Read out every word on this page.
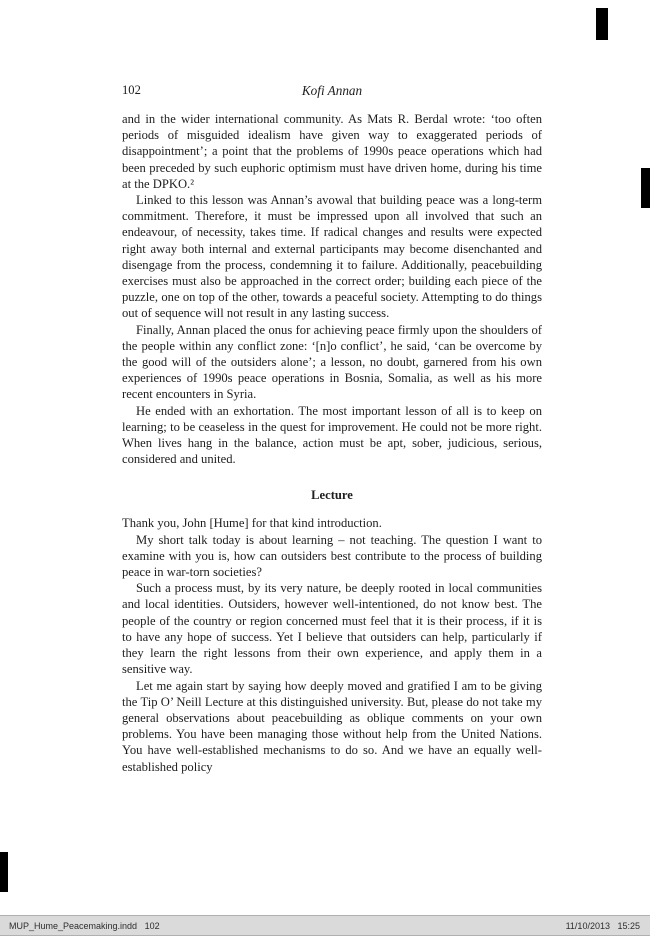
102	Kofi Annan

and in the wider international community. As Mats R. Berdal wrote: ‘too often periods of misguided idealism have given way to exaggerated periods of disappointment’; a point that the problems of 1990s peace operations which had been preceded by such euphoric optimism must have driven home, during his time at the DPKO.²

Linked to this lesson was Annan’s avowal that building peace was a long-term commitment. Therefore, it must be impressed upon all involved that such an endeavour, of necessity, takes time. If radical changes and results were expected right away both internal and external participants may become disenchanted and disengage from the process, condemning it to failure. Additionally, peacebuilding exercises must also be approached in the correct order; building each piece of the puzzle, one on top of the other, towards a peaceful society. Attempting to do things out of sequence will not result in any lasting success.

Finally, Annan placed the onus for achieving peace firmly upon the shoulders of the people within any conflict zone: ‘[n]o conflict’, he said, ‘can be overcome by the good will of the outsiders alone’; a lesson, no doubt, garnered from his own experiences of 1990s peace operations in Bosnia, Somalia, as well as his more recent encounters in Syria.

He ended with an exhortation. The most important lesson of all is to keep on learning; to be ceaseless in the quest for improvement. He could not be more right. When lives hang in the balance, action must be apt, sober, judicious, serious, considered and united.

Lecture

Thank you, John [Hume] for that kind introduction.

My short talk today is about learning – not teaching. The question I want to examine with you is, how can outsiders best contribute to the process of building peace in war-torn societies?

Such a process must, by its very nature, be deeply rooted in local communities and local identities. Outsiders, however well-intentioned, do not know best. The people of the country or region concerned must feel that it is their process, if it is to have any hope of success. Yet I believe that outsiders can help, particularly if they learn the right lessons from their own experience, and apply them in a sensitive way.

Let me again start by saying how deeply moved and gratified I am to be giving the Tip O’ Neill Lecture at this distinguished university. But, please do not take my general observations about peacebuilding as oblique comments on your own problems. You have been managing those without help from the United Nations. You have well-established mechanisms to do so. And we have an equally well-established policy

MUP_Hume_Peacemaking.indd   102	11/10/2013   15:25
